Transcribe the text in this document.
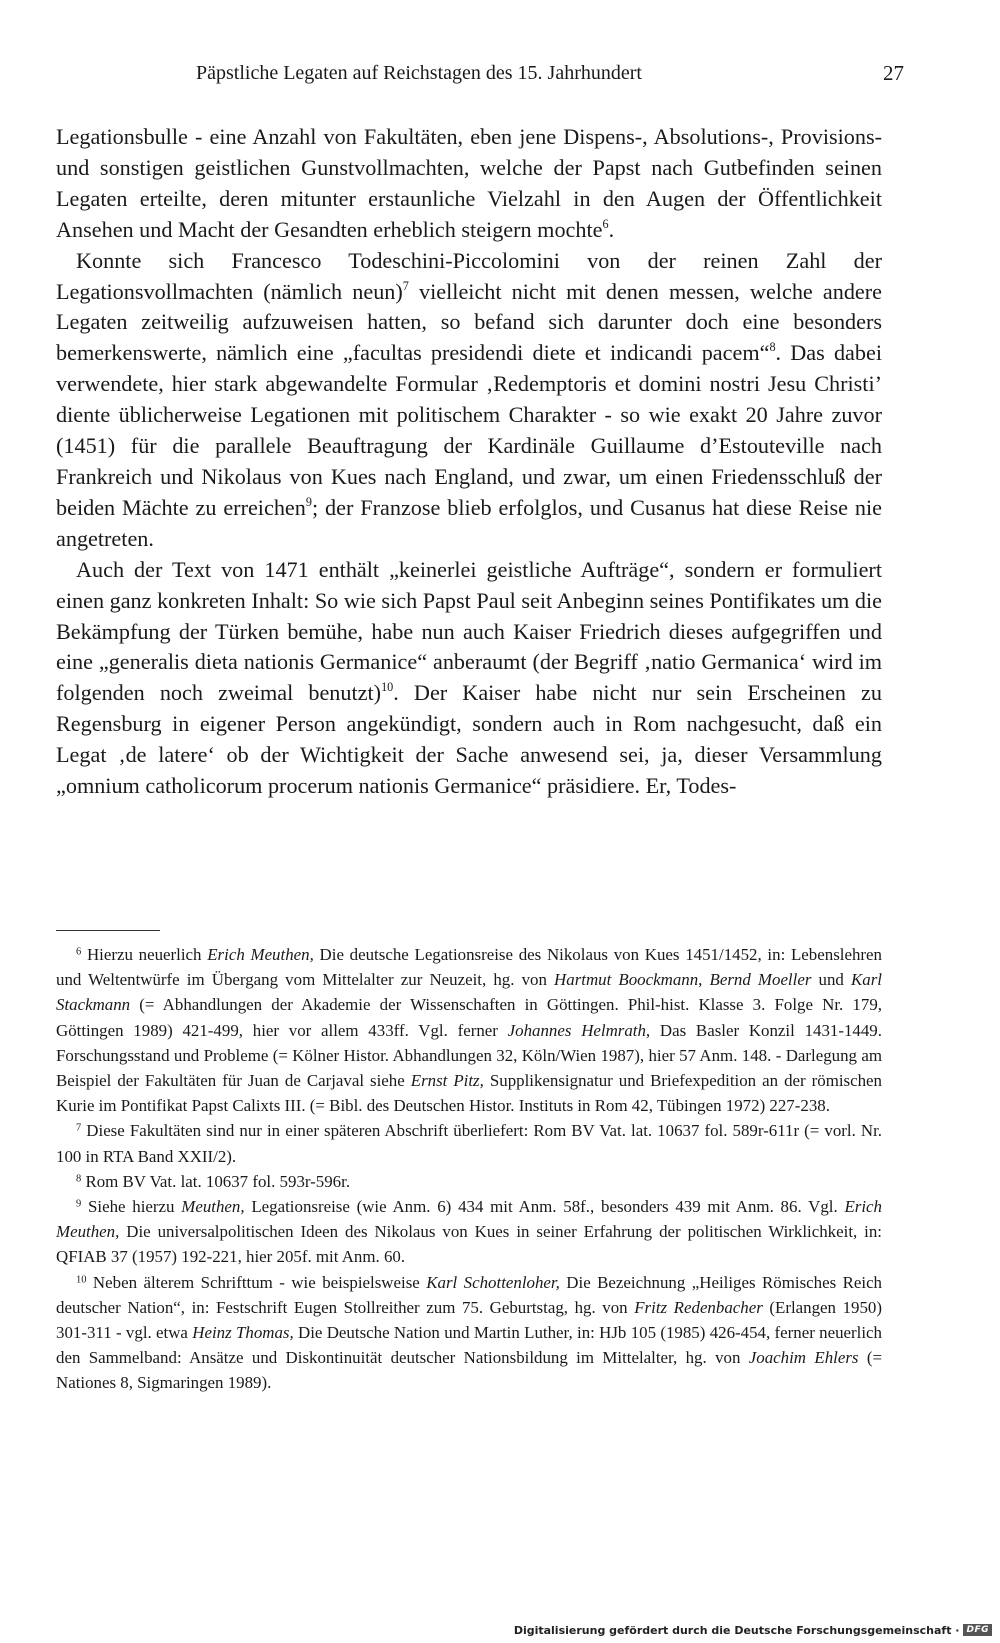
Päpstliche Legaten auf Reichstagen des 15. Jahrhundert	27

Legationsbulle - eine Anzahl von Fakultäten, eben jene Dispens-, Absolutions-, Provisions- und sonstigen geistlichen Gunstvollmachten, welche der Papst nach Gutbefinden seinen Legaten erteilte, deren mitunter erstaunliche Vielzahl in den Augen der Öffentlichkeit Ansehen und Macht der Gesandten erheblich steigern mochte$^6$.

Konnte sich Francesco Todeschini-Piccolomini von der reinen Zahl der Legationsvollmachten (nämlich neun)$^7$ vielleicht nicht mit denen messen, welche andere Legaten zeitweilig aufzuweisen hatten, so befand sich darunter doch eine besonders bemerkenswerte, nämlich eine „facultas presidendi diete et indicandi pacem“$^8$. Das dabei verwendete, hier stark abgewandelte Formular ‚Redemptoris et domini nostri Jesu Christi’ diente üblicherweise Legationen mit politischem Charakter - so wie exakt 20 Jahre zuvor (1451) für die parallele Beauftragung der Kardinäle Guillaume d’Estouteville nach Frankreich und Nikolaus von Kues nach England, und zwar, um einen Friedensschluß der beiden Mächte zu erreichen$^9$; der Franzose blieb erfolglos, und Cusanus hat diese Reise nie angetreten.

Auch der Text von 1471 enthält „keinerlei geistliche Aufträge“, sondern er formuliert einen ganz konkreten Inhalt: So wie sich Papst Paul seit Anbeginn seines Pontifikates um die Bekämpfung der Türken bemühe, habe nun auch Kaiser Friedrich dieses aufgegriffen und eine „generalis dieta nationis Germanice“ anberaumt (der Begriff ‚natio Germanica‘ wird im folgenden noch zweimal benutzt)$^{10}$. Der Kaiser habe nicht nur sein Erscheinen zu Regensburg in eigener Person angekündigt, sondern auch in Rom nachgesucht, daß ein Legat ‚de latere‘ ob der Wichtigkeit der Sache anwesend sei, ja, dieser Versammlung „omnium catholicorum procerum nationis Germanice“ präsidiere. Er, Todes-

$^6$ Hierzu neuerlich Erich Meuthen, Die deutsche Legationsreise des Nikolaus von Kues 1451/1452, in: Lebenslehren und Weltentwürfe im Übergang vom Mittelalter zur Neuzeit, hg. von Hartmut Boockmann, Bernd Moeller und Karl Stackmann (= Abhandlungen der Akademie der Wissenschaften in Göttingen. Phil-hist. Klasse 3. Folge Nr. 179, Göttingen 1989) 421-499, hier vor allem 433ff. Vgl. ferner Johannes Helmrath, Das Basler Konzil 1431-1449. Forschungsstand und Probleme (= Kölner Histor. Abhandlungen 32, Köln/Wien 1987), hier 57 Anm. 148. - Darlegung am Beispiel der Fakultäten für Juan de Carjaval siehe Ernst Pitz, Supplikensignatur und Briefexpedition an der römischen Kurie im Pontifikat Papst Calixts III. (= Bibl. des Deutschen Histor. Instituts in Rom 42, Tübingen 1972) 227-238.

$^7$ Diese Fakultäten sind nur in einer späteren Abschrift überliefert: Rom BV Vat. lat. 10637 fol. 589r-611r (= vorl. Nr. 100 in RTA Band XXII/2).

$^8$ Rom BV Vat. lat. 10637 fol. 593r-596r.

$^9$ Siehe hierzu Meuthen, Legationsreise (wie Anm. 6) 434 mit Anm. 58f., besonders 439 mit Anm. 86. Vgl. Erich Meuthen, Die universalpolitischen Ideen des Nikolaus von Kues in seiner Erfahrung der politischen Wirklichkeit, in: QFIAB 37 (1957) 192-221, hier 205f. mit Anm. 60.

$^{10}$ Neben älterem Schrifttum - wie beispielsweise Karl Schottenloher, Die Bezeichnung „Heiliges Römisches Reich deutscher Nation“, in: Festschrift Eugen Stollreither zum 75. Geburtstag, hg. von Fritz Redenbacher (Erlangen 1950) 301-311 - vgl. etwa Heinz Thomas, Die Deutsche Nation und Martin Luther, in: HJb 105 (1985) 426-454, ferner neuerlich den Sammelband: Ansätze und Diskontinuität deutscher Nationsbildung im Mittelalter, hg. von Joachim Ehlers (= Nationes 8, Sigmaringen 1989).

Digitalisierung gefördert durch die Deutsche Forschungsgemeinschaft · DFG
